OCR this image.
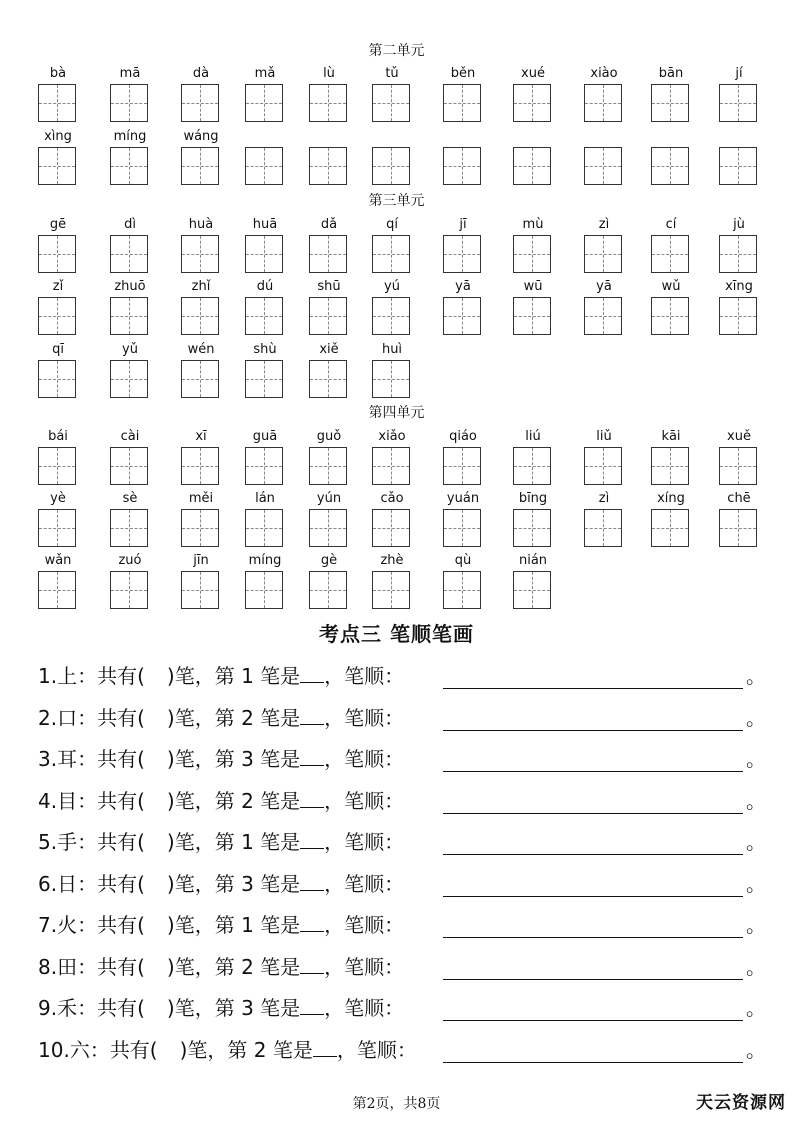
第二单元
bà	mā	dà	mǎ	lù	tǔ	běn	xué	xiào	bān	jí
xìng	míng	wáng
第三单元
gē	dì	huà	huā	dǎ	qí	jī	mù	zì	cí	jù
zǐ	zhuō	zhǐ	dú	shū	yú	yā	wū	yā	wǔ	xīng
qī	yǔ	wén	shù	xiě	huì
第四单元
bái	cài	xī	guā	guǒ	xiǎo	qiáo	liú	liǔ	kāi	xuě
yè	sè	měi	lán	yún	cǎo	yuán	bīng	zì	xíng	chē
wǎn	zuó	jīn	míng	gè	zhè	qù	nián
考点三 笔顺笔画
1.上：共有( )笔，第 1 笔是 ，笔顺：	。
2.口：共有( )笔，第 2 笔是 ，笔顺：	。
3.耳：共有( )笔，第 3 笔是 ，笔顺：	。
4.目：共有( )笔，第 2 笔是 ，笔顺：	。
5.手：共有( )笔，第 1 笔是 ，笔顺：	。
6.日：共有( )笔，第 3 笔是 ，笔顺：	。
7.火：共有( )笔，第 1 笔是 ，笔顺：	。
8.田：共有( )笔，第 2 笔是 ，笔顺：	。
9.禾：共有( )笔，第 3 笔是 ，笔顺：	。
10.六：共有( )笔，第 2 笔是 ，笔顺：	。
第2页，共8页	天云资源网
